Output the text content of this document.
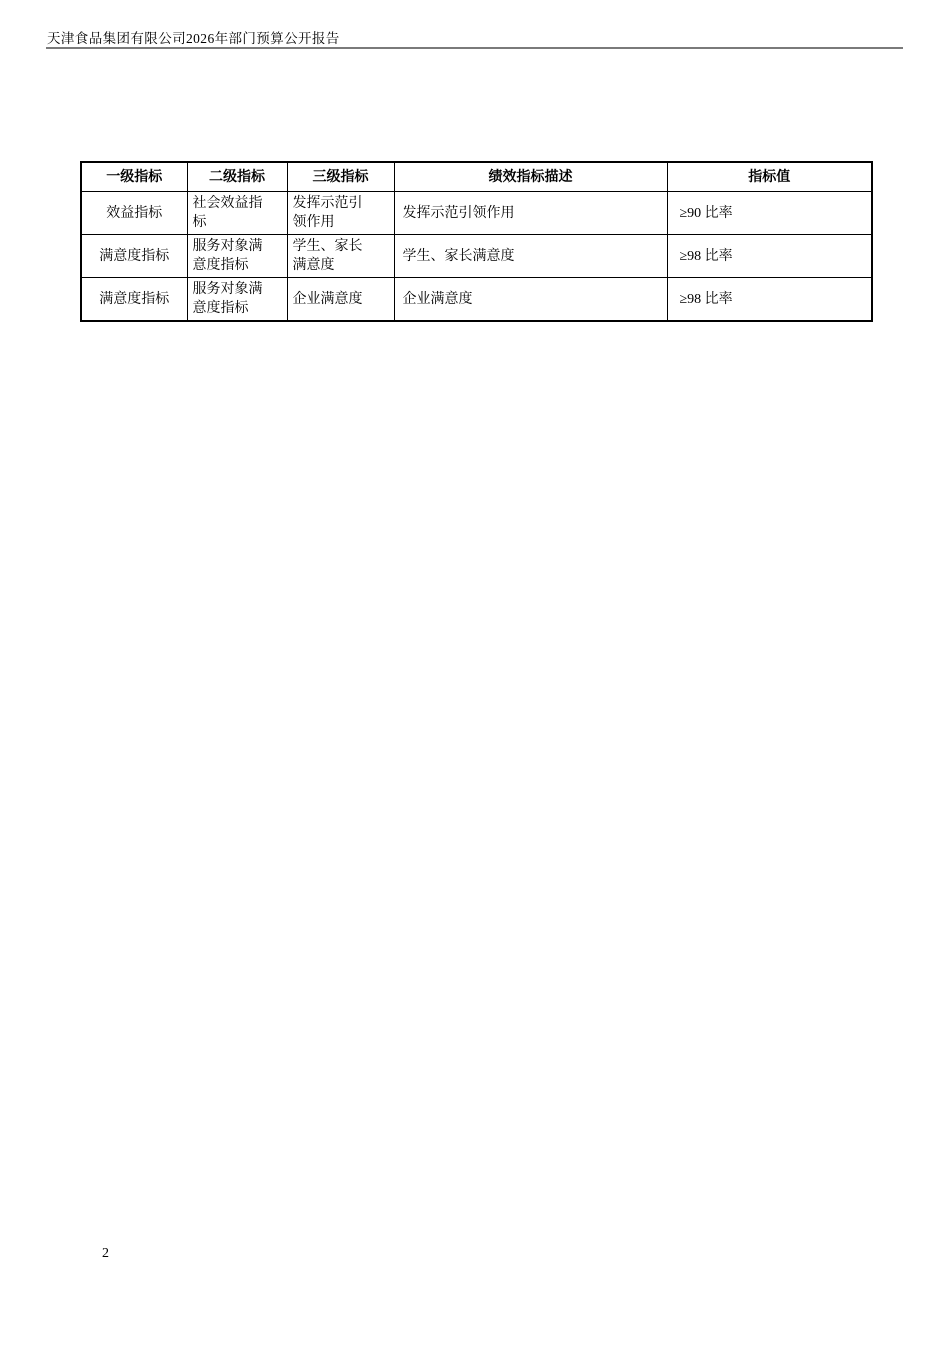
天津食品集团有限公司2026年部门预算公开报告
一级指标	二级指标	三级指标	绩效指标描述	指标值
效益指标	社会效益指标	发挥示范引领作用	发挥示范引领作用	≥90 比率
满意度指标	服务对象满意度指标	学生、家长满意度	学生、家长满意度	≥98 比率
满意度指标	服务对象满意度指标	企业满意度	企业满意度	≥98 比率
2
